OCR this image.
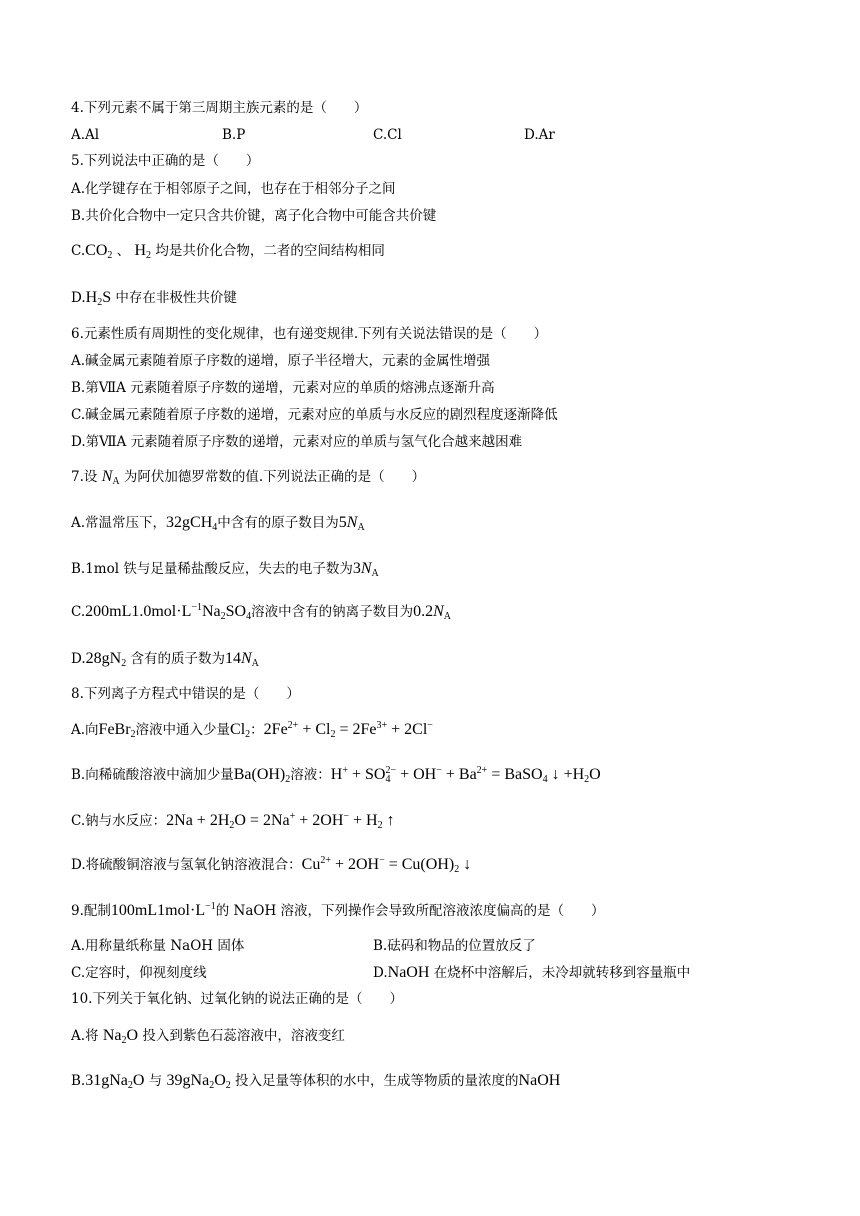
4.下列元素不属于第三周期主族元素的是（　　）
A.Al	B.P	C.Cl	D.Ar
5.下列说法中正确的是（　　）
A.化学键存在于相邻原子之间，也存在于相邻分子之间
B.共价化合物中一定只含共价键，离子化合物中可能含共价键
$C.CO_2$ 、 $H_2$ 均是共价化合物，二者的空间结构相同
$D.H_2S$ 中存在非极性共价键
6.元素性质有周期性的变化规律，也有递变规律.下列有关说法错误的是（　　）
A.碱金属元素随着原子序数的递增，原子半径增大，元素的金属性增强
B.第ⅦA 元素随着原子序数的递增，元素对应的单质的熔沸点逐渐升高
C.碱金属元素随着原子序数的递增，元素对应的单质与水反应的剧烈程度逐渐降低
D.第ⅦA 元素随着原子序数的递增，元素对应的单质与氢气化合越来越困难
7.设 $N_A$ 为阿伏加德罗常数的值.下列说法正确的是（　　）
A.常温常压下，32gCH$_4$中含有的原子数目为$5N_A$
B.1mol 铁与足量稀盐酸反应，失去的电子数为$3N_A$
$C.200mL1.0mol\cdot L^{-1}Na_2SO_4$溶液中含有的钠离子数目为$0.2N_A$
$D.28gN_2$ 含有的质子数为$14N_A$
8.下列离子方程式中错误的是（　　）
A.向FeBr$_2$溶液中通入少量$Cl_2$：$2Fe^{2+} + Cl_2 = 2Fe^{3+} + 2Cl^-$
B.向稀硫酸溶液中滴加少量$Ba(OH)_2$溶液：$H^+ + SO_4^{2-} + OH^- + Ba^{2+}$ = BaSO$_4$ ↓ $+H_2O$
C.钠与水反应：$2Na + 2H_2O = 2Na^+ + 2OH^- + H_2$ ↑
D.将硫酸铜溶液与氢氧化钠溶液混合：$Cu^{2+} + 2OH^- = Cu(OH)_2$ ↓
9.配制$100mL1mol\cdot L^{-1}$的 NaOH 溶液，下列操作会导致所配溶液浓度偏高的是（　　）
A.用称量纸称量 NaOH 固体	B.砝码和物品的位置放反了
C.定容时，仰视刻度线	D.NaOH 在烧杯中溶解后，未冷却就转移到容量瓶中
10.下列关于氧化钠、过氧化钠的说法正确的是（　　）
A.将 $Na_2O$ 投入到紫色石蕊溶液中，溶液变红
B.31gNa$_2$O 与 $39gNa_2O_2$ 投入足量等体积的水中，生成等物质的量浓度的NaOH
